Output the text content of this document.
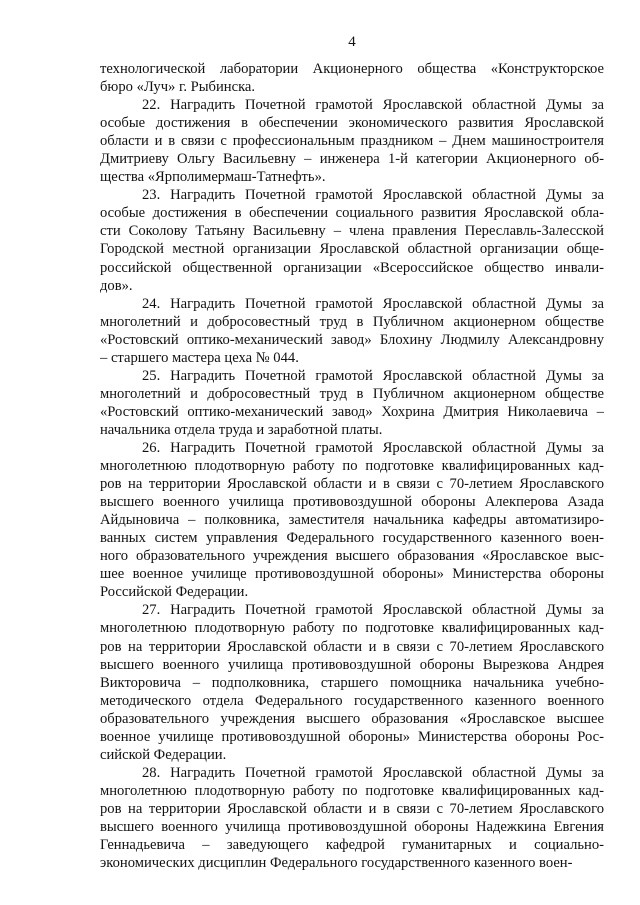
4
технологической лаборатории Акционерного общества «Конструкторское
бюро «Луч» г. Рыбинска.
22. Наградить Почетной грамотой Ярославской областной Думы за
особые достижения в обеспечении экономического развития Ярославской
области и в связи с профессиональным праздником – Днем машиностроителя
Дмитриеву Ольгу Васильевну – инженера 1-й категории Акционерного об-
щества «Ярполимермаш-Татнефть».
23. Наградить Почетной грамотой Ярославской областной Думы за
особые достижения в обеспечении социального развития Ярославской обла-
сти Соколову Татьяну Васильевну – члена правления Переславль-Залесской
Городской местной организации Ярославской областной организации обще-
российской общественной организации «Всероссийское общество инвали-
дов».
24. Наградить Почетной грамотой Ярославской областной Думы за
многолетний и добросовестный труд в Публичном акционерном обществе
«Ростовский оптико-механический завод» Блохину Людмилу Александровну
– старшего мастера цеха № 044.
25. Наградить Почетной грамотой Ярославской областной Думы за
многолетний и добросовестный труд в Публичном акционерном обществе
«Ростовский оптико-механический завод» Хохрина Дмитрия Николаевича –
начальника отдела труда и заработной платы.
26. Наградить Почетной грамотой Ярославской областной Думы за
многолетнюю плодотворную работу по подготовке квалифицированных кад-
ров на территории Ярославской области и в связи с 70-летием Ярославского
высшего военного училища противовоздушной обороны Алекперова Азада
Айдыновича – полковника, заместителя начальника кафедры автоматизиро-
ванных систем управления Федерального государственного казенного воен-
ного образовательного учреждения высшего образования «Ярославское выс-
шее военное училище противовоздушной обороны» Министерства обороны
Российской Федерации.
27. Наградить Почетной грамотой Ярославской областной Думы за
многолетнюю плодотворную работу по подготовке квалифицированных кад-
ров на территории Ярославской области и в связи с 70-летием Ярославского
высшего военного училища противовоздушной обороны Вырезкова Андрея
Викторовича – подполковника, старшего помощника начальника учебно-
методического отдела Федерального государственного казенного военного
образовательного учреждения высшего образования «Ярославское высшее
военное училище противовоздушной обороны» Министерства обороны Рос-
сийской Федерации.
28. Наградить Почетной грамотой Ярославской областной Думы за
многолетнюю плодотворную работу по подготовке квалифицированных кад-
ров на территории Ярославской области и в связи с 70-летием Ярославского
высшего военного училища противовоздушной обороны Надежкина Евгения
Геннадьевича – заведующего кафедрой гуманитарных и социально-
экономических дисциплин Федерального государственного казенного воен-
